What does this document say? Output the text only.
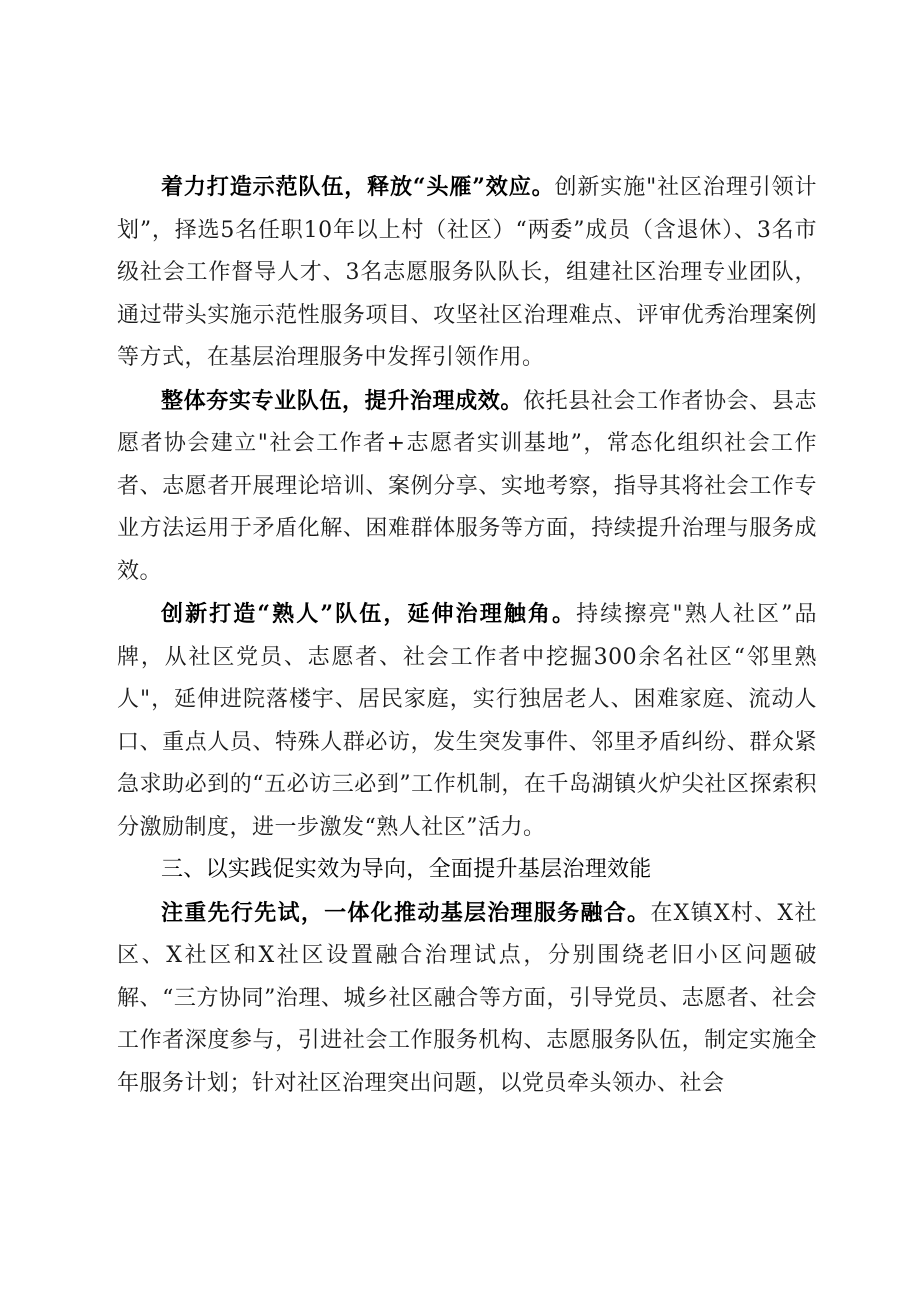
着力打造示范队伍，释放“头雁”效应。创新实施"社区治理引领计划”，择选5名任职10年以上村（社区）“两委”成员（含退休）、3名市级社会工作督导人才、3名志愿服务队队长，组建社区治理专业团队，通过带头实施示范性服务项目、攻坚社区治理难点、评审优秀治理案例等方式，在基层治理服务中发挥引领作用。

整体夯实专业队伍，提升治理成效。依托县社会工作者协会、县志愿者协会建立"社会工作者+志愿者实训基地”，常态化组织社会工作者、志愿者开展理论培训、案例分享、实地考察，指导其将社会工作专业方法运用于矛盾化解、困难群体服务等方面，持续提升治理与服务成效。

创新打造“熟人”队伍，延伸治理触角。持续擦亮"熟人社区”品牌，从社区党员、志愿者、社会工作者中挖掘300余名社区“邻里熟人"，延伸进院落楼宇、居民家庭，实行独居老人、困难家庭、流动人口、重点人员、特殊人群必访，发生突发事件、邻里矛盾纠纷、群众紧急求助必到的“五必访三必到”工作机制，在千岛湖镇火炉尖社区探索积分激励制度，进一步激发“熟人社区”活力。

三、以实践促实效为导向，全面提升基层治理效能

注重先行先试，一体化推动基层治理服务融合。在X镇X村、X社区、X社区和X社区设置融合治理试点，分别围绕老旧小区问题破解、“三方协同”治理、城乡社区融合等方面，引导党员、志愿者、社会工作者深度参与，引进社会工作服务机构、志愿服务队伍，制定实施全年服务计划；针对社区治理突出问题，以党员牵头领办、社会
